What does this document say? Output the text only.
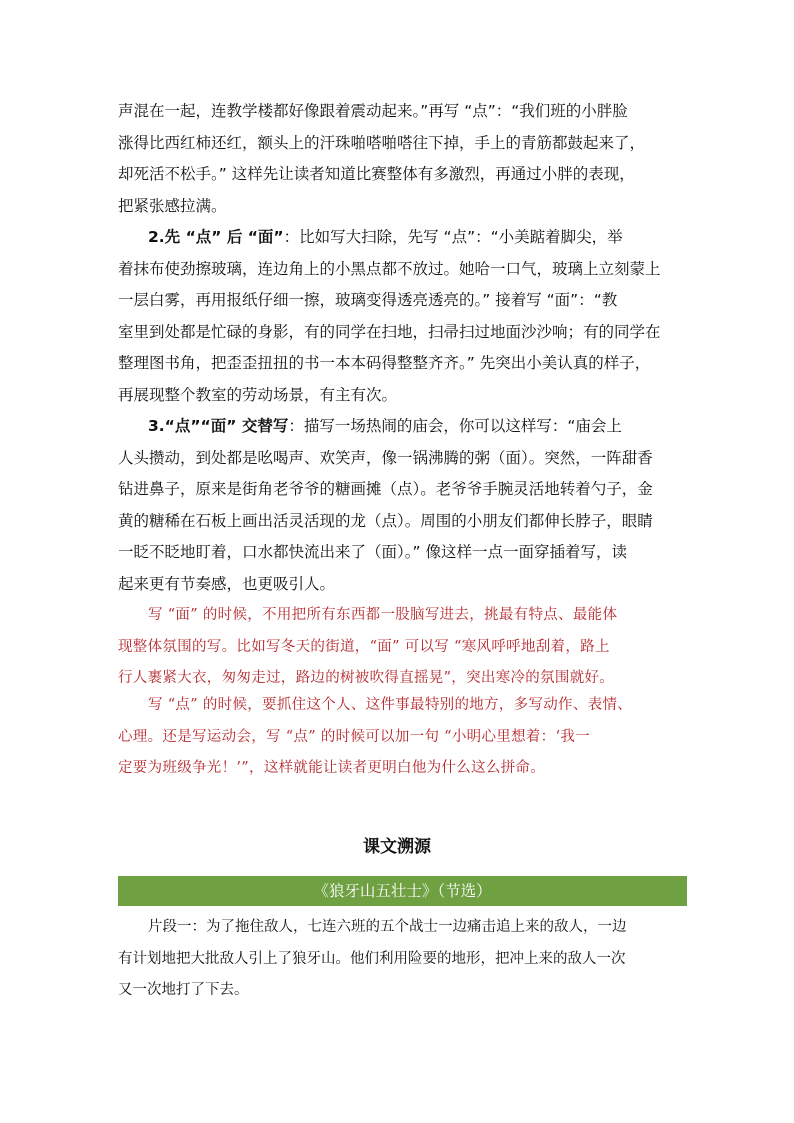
声混在一起，连教学楼都好像跟着震动起来。”再写 “点”：“我们班的小胖脸
涨得比西红柿还红，额头上的汗珠啪嗒啪嗒往下掉，手上的青筋都鼓起来了，
却死活不松手。” 这样先让读者知道比赛整体有多激烈，再通过小胖的表现，
把紧张感拉满。
2.先 “点” 后 “面”：比如写大扫除，先写 “点”：“小美踮着脚尖，举
着抹布使劲擦玻璃，连边角上的小黑点都不放过。她哈一口气，玻璃上立刻蒙上
一层白雾，再用报纸仔细一擦，玻璃变得透亮透亮的。” 接着写 “面”：“教
室里到处都是忙碌的身影，有的同学在扫地，扫帚扫过地面沙沙响；有的同学在
整理图书角，把歪歪扭扭的书一本本码得整整齐齐。” 先突出小美认真的样子，
再展现整个教室的劳动场景，有主有次。
3.“点”“面” 交替写：描写一场热闹的庙会，你可以这样写：“庙会上
人头攒动，到处都是吆喝声、欢笑声，像一锅沸腾的粥（面）。突然，一阵甜香
钻进鼻子，原来是街角老爷爷的糖画摊（点）。老爷爷手腕灵活地转着勺子，金
黄的糖稀在石板上画出活灵活现的龙（点）。周围的小朋友们都伸长脖子，眼睛
一眨不眨地盯着，口水都快流出来了（面）。” 像这样一点一面穿插着写，读
起来更有节奏感，也更吸引人。
写 “面” 的时候，不用把所有东西都一股脑写进去，挑最有特点、最能体
现整体氛围的写。比如写冬天的街道，“面” 可以写 “寒风呼呼地刮着，路上
行人裹紧大衣，匆匆走过，路边的树被吹得直摇晃”，突出寒冷的氛围就好。
写 “点” 的时候，要抓住这个人、这件事最特别的地方，多写动作、表情、
心理。还是写运动会，写 “点” 的时候可以加一句 “小明心里想着：‘我一
定要为班级争光！’”，这样就能让读者更明白他为什么这么拼命。
课文溯源
《狼牙山五壮士》（节选）
片段一：为了拖住敌人，七连六班的五个战士一边痛击追上来的敌人，一边
有计划地把大批敌人引上了狼牙山。他们利用险要的地形，把冲上来的敌人一次
又一次地打了下去。
